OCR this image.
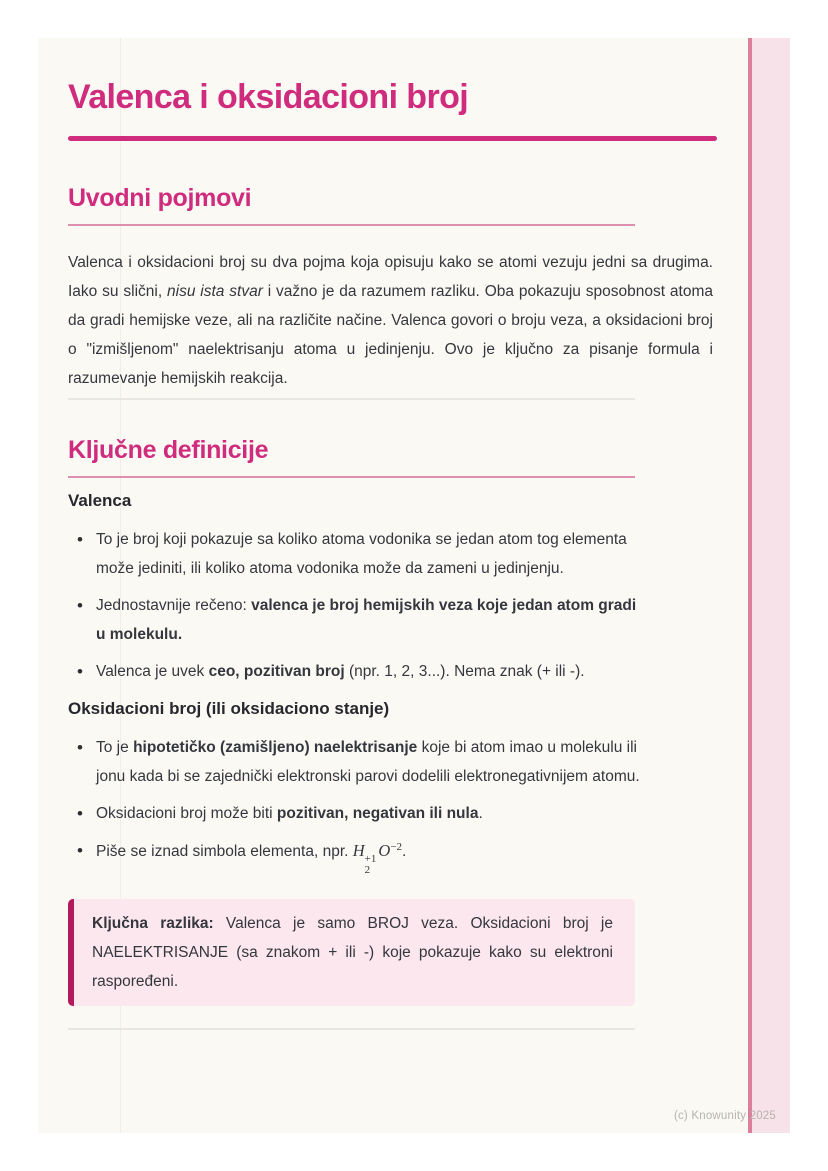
Valenca i oksidacioni broj
Uvodni pojmovi

Valenca i oksidacioni broj su dva pojma koja opisuju kako se atomi vezuju jedni sa drugima. Iako su slični, nisu ista stvar i važno je da razumem razliku. Oba pokazuju sposobnost atoma da gradi hemijske veze, ali na različite načine. Valenca govori o broju veza, a oksidacioni broj o "izmišljenom" naelektrisanju atoma u jedinjenju. Ovo je ključno za pisanje formula i razumevanje hemijskih reakcija.

Ključne definicije
Valenca
• To je broj koji pokazuje sa koliko atoma vodonika se jedan atom tog elementa može jediniti, ili koliko atoma vodonika može da zameni u jedinjenju.
• Jednostavnije rečeno: valenca je broj hemijskih veza koje jedan atom gradi u molekulu.
• Valenca je uvek ceo, pozitivan broj (npr. 1, 2, 3...). Nema znak (+ ili -).
Oksidacioni broj (ili oksidaciono stanje)
• To je hipotetičko (zamišljeno) naelektrisanje koje bi atom imao u molekulu ili jonu kada bi se zajednički elektronski parovi dodelili elektronegativnijem atomu.
• Oksidacioni broj može biti pozitivan, negativan ili nula.
• Piše se iznad simbola elementa, npr. H +1
2
$O^{-2}$.

Ključna razlika: Valenca je samo BROJ veza. Oksidacioni broj je NAELEKTRISANJE (sa znakom + ili -) koje pokazuje kako su elektroni raspoređeni.

(c) Knowunity 2025
